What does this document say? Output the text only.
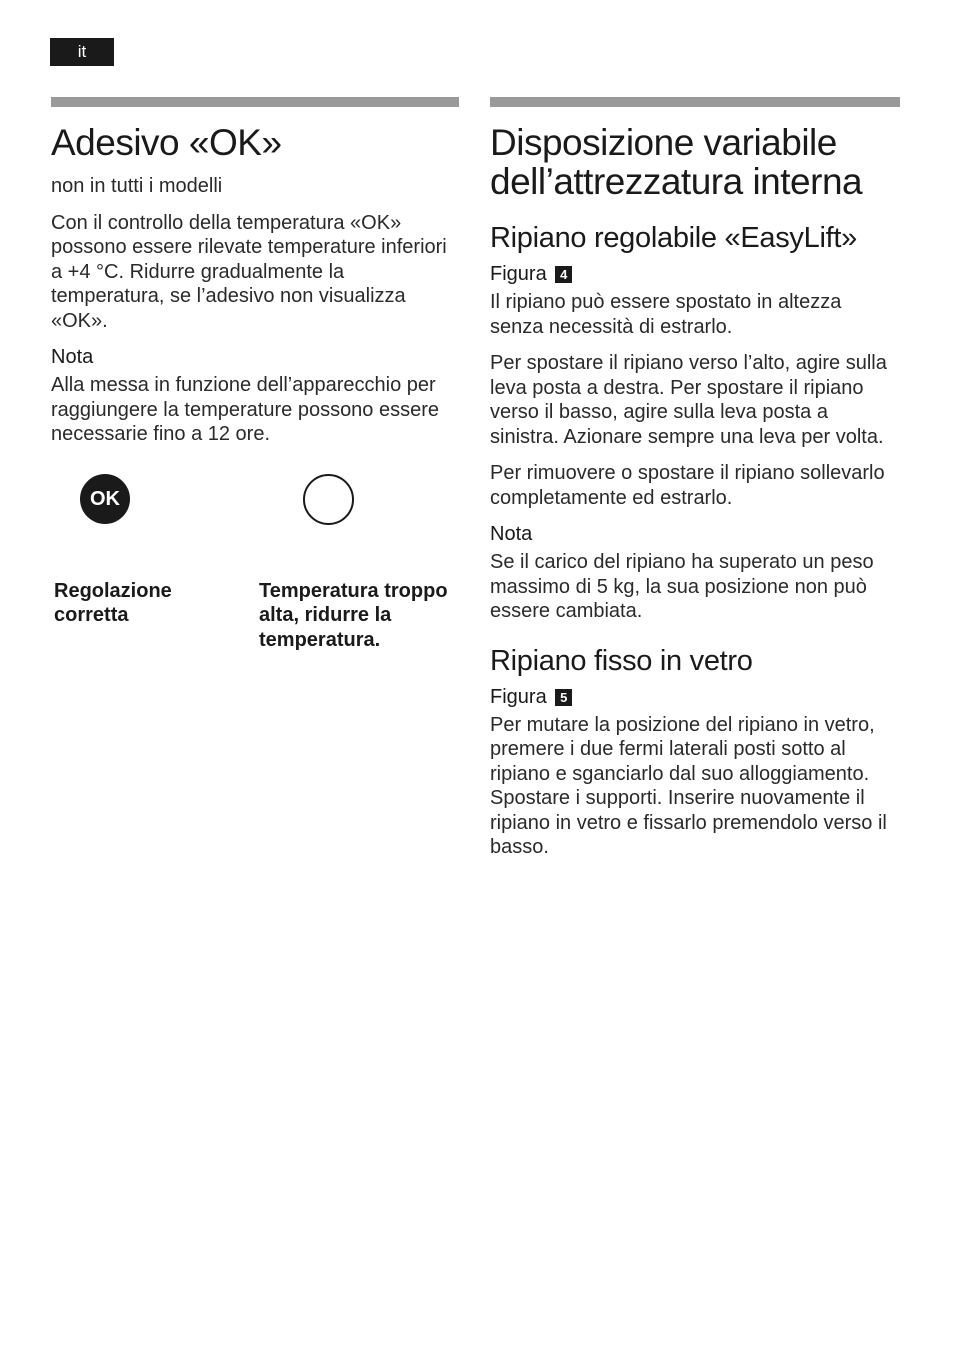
it
Adesivo «OK»

non in tutti i modelli

Con il controllo della temperatura «OK» possono essere rilevate temperature inferiori a +4 °C. Ridurre gradualmente la temperatura, se l’adesivo non visualizza «OK».

Nota

Alla messa in funzione dell’apparecchio per raggiungere la temperature possono essere necessarie fino a 12 ore.

OK
Regolazione corretta
Temperatura troppo alta, ridurre la temperatura.
Disposizione variabile dell’attrezzatura interna
Ripiano regolabile «EasyLift»
Figura 4

Il ripiano può essere spostato in altezza senza necessità di estrarlo.

Per spostare il ripiano verso l’alto, agire sulla leva posta a destra. Per spostare il ripiano verso il basso, agire sulla leva posta a sinistra. Azionare sempre una leva per volta.

Per rimuovere o spostare il ripiano sollevarlo completamente ed estrarlo.

Nota

Se il carico del ripiano ha superato un peso massimo di 5 kg, la sua posizione non può essere cambiata.

Ripiano fisso in vetro
Figura 5

Per mutare la posizione del ripiano in vetro, premere i due fermi laterali posti sotto al ripiano e sganciarlo dal suo alloggiamento. Spostare i supporti. Inserire nuovamente il ripiano in vetro e fissarlo premendolo verso il basso.
